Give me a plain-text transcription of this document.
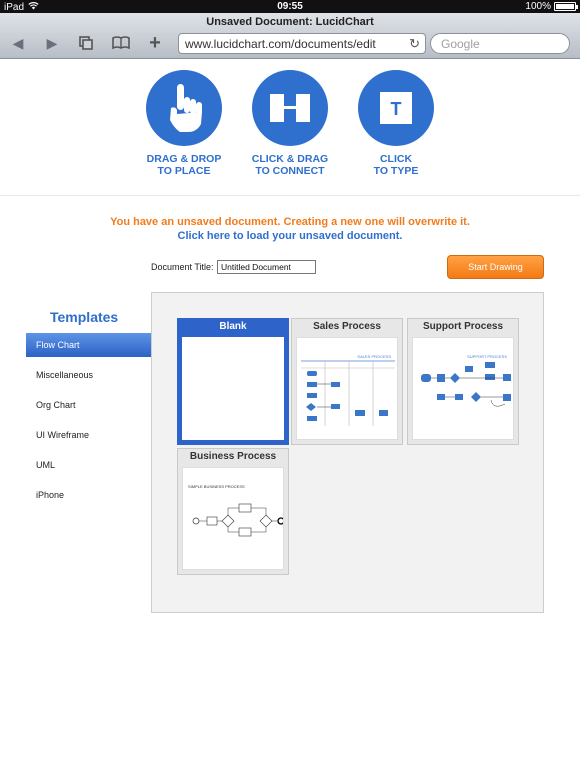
iPad	09:55	100%
Unsaved Document: LucidChart
◀	▶	+	www.lucidchart.com/documents/edit	↻	Google
DRAG & DROP
TO PLACE
CLICK & DRAG
TO CONNECT
T
CLICK
TO TYPE
You have an unsaved document. Creating a new one will overwrite it.
Click here to load your unsaved document.
Document Title: Untitled Document	Start Drawing
Templates
Flow Chart
Miscellaneous
Org Chart
UI Wireframe
UML
iPhone
Blank	Sales Process
SALES PROCESS
Support Process
SUPPORT PROCESS
Business Process
SIMPLE BUSINESS PROCESS
